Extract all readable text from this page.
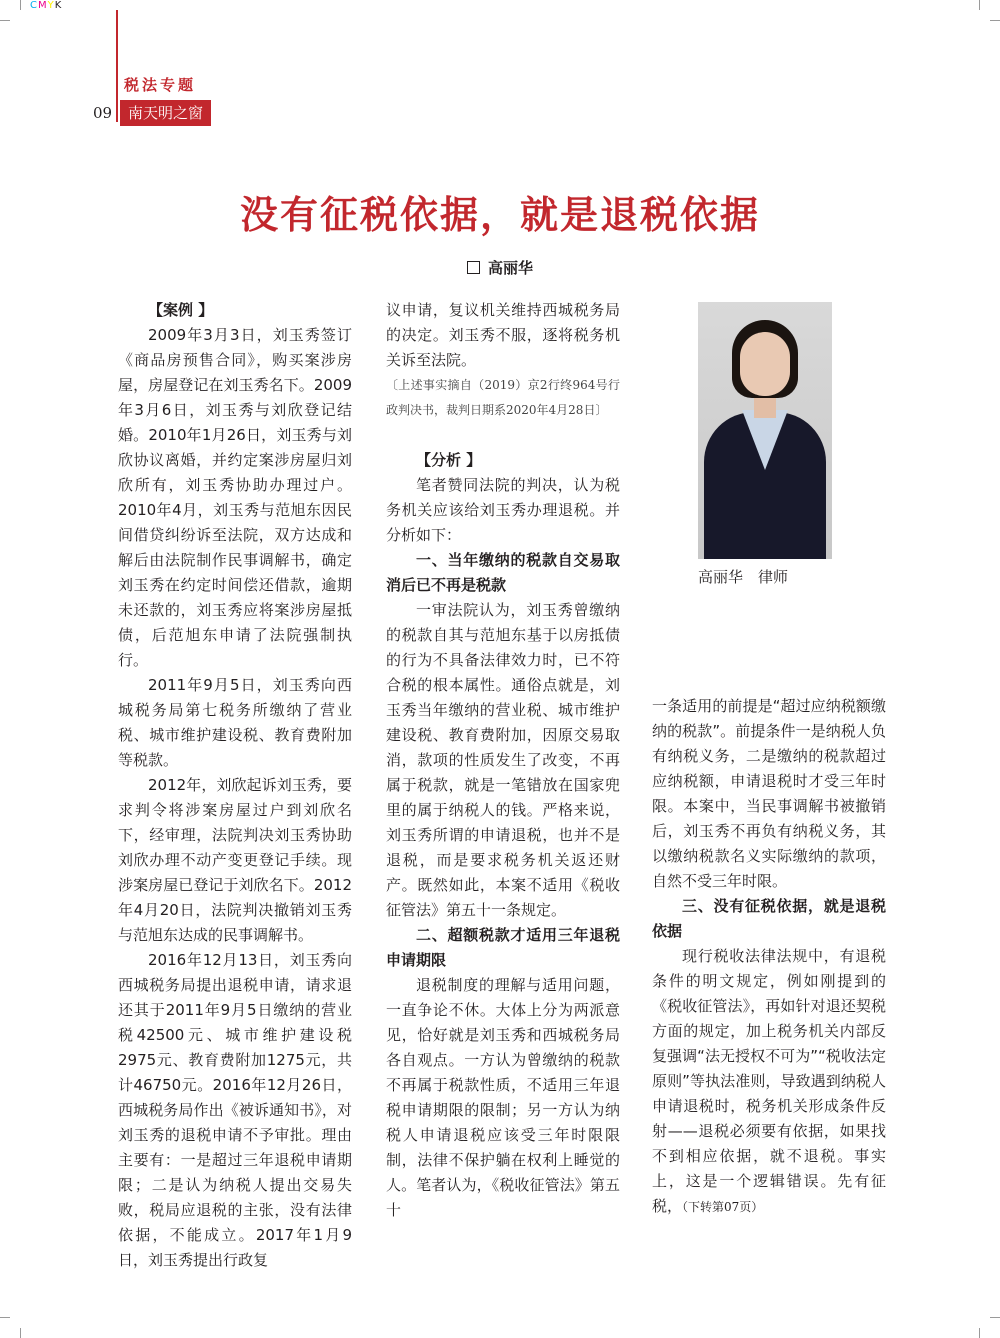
CMYK
税法专题
09	南天明之窗
没有征税依据，就是退税依据
高丽华

【案例 】

2009年3月3日，刘玉秀签订《商品房预售合同》，购买案涉房屋，房屋登记在刘玉秀名下。2009年3月6日，刘玉秀与刘欣登记结婚。2010年1月26日，刘玉秀与刘欣协议离婚，并约定案涉房屋归刘欣所有，刘玉秀协助办理过户。2010年4月，刘玉秀与范旭东因民间借贷纠纷诉至法院，双方达成和解后由法院制作民事调解书，确定刘玉秀在约定时间偿还借款，逾期未还款的，刘玉秀应将案涉房屋抵债，后范旭东申请了法院强制执行。

2011年9月5日，刘玉秀向西城税务局第七税务所缴纳了营业税、城市维护建设税、教育费附加等税款。

2012年，刘欣起诉刘玉秀，要求判令将涉案房屋过户到刘欣名下，经审理，法院判决刘玉秀协助刘欣办理不动产变更登记手续。现涉案房屋已登记于刘欣名下。2012年4月20日，法院判决撤销刘玉秀与范旭东达成的民事调解书。

2016年12月13日，刘玉秀向西城税务局提出退税申请，请求退还其于2011年9月5日缴纳的营业税42500元、城市维护建设税2975元、教育费附加1275元，共计46750元。2016年12月26日，西城税务局作出《被诉通知书》，对刘玉秀的退税申请不予审批。理由主要有：一是超过三年退税申请期限；二是认为纳税人提出交易失败，税局应退税的主张，没有法律依据，不能成立。2017年1月9日，刘玉秀提出行政复

议申请，复议机关维持西城税务局的决定。刘玉秀不服，逐将税务机关诉至法院。

〔上述事实摘自（2019）京2行终964号行政判决书，裁判日期系2020年4月28日〕

【分析 】

笔者赞同法院的判决，认为税务机关应该给刘玉秀办理退税。并分析如下：

一、当年缴纳的税款自交易取消后已不再是税款

一审法院认为，刘玉秀曾缴纳的税款自其与范旭东基于以房抵债的行为不具备法律效力时，已不符合税的根本属性。通俗点就是，刘玉秀当年缴纳的营业税、城市维护建设税、教育费附加，因原交易取消，款项的性质发生了改变，不再属于税款，就是一笔错放在国家兜里的属于纳税人的钱。严格来说，刘玉秀所谓的申请退税，也并不是退税，而是要求税务机关返还财产。既然如此，本案不适用《税收征管法》第五十一条规定。

二、超额税款才适用三年退税申请期限

退税制度的理解与适用问题，一直争论不休。大体上分为两派意见，恰好就是刘玉秀和西城税务局各自观点。一方认为曾缴纳的税款不再属于税款性质，不适用三年退税申请期限的限制；另一方认为纳税人申请退税应该受三年时限限制，法律不保护躺在权利上睡觉的人。笔者认为，《税收征管法》第五十

高丽华　律师

一条适用的前提是“超过应纳税额缴纳的税款”。前提条件一是纳税人负有纳税义务，二是缴纳的税款超过应纳税额，申请退税时才受三年时限。本案中，当民事调解书被撤销后，刘玉秀不再负有纳税义务，其以缴纳税款名义实际缴纳的款项，自然不受三年时限。

三、没有征税依据，就是退税依据

现行税收法律法规中，有退税条件的明文规定，例如刚提到的《税收征管法》，再如针对退还契税方面的规定，加上税务机关内部反复强调“法无授权不可为”“税收法定原则”等执法准则，导致遇到纳税人申请退税时，税务机关形成条件反射——退税必须要有依据，如果找不到相应依据，就不退税。事实上，这是一个逻辑错误。先有征税，（下转第07页）
